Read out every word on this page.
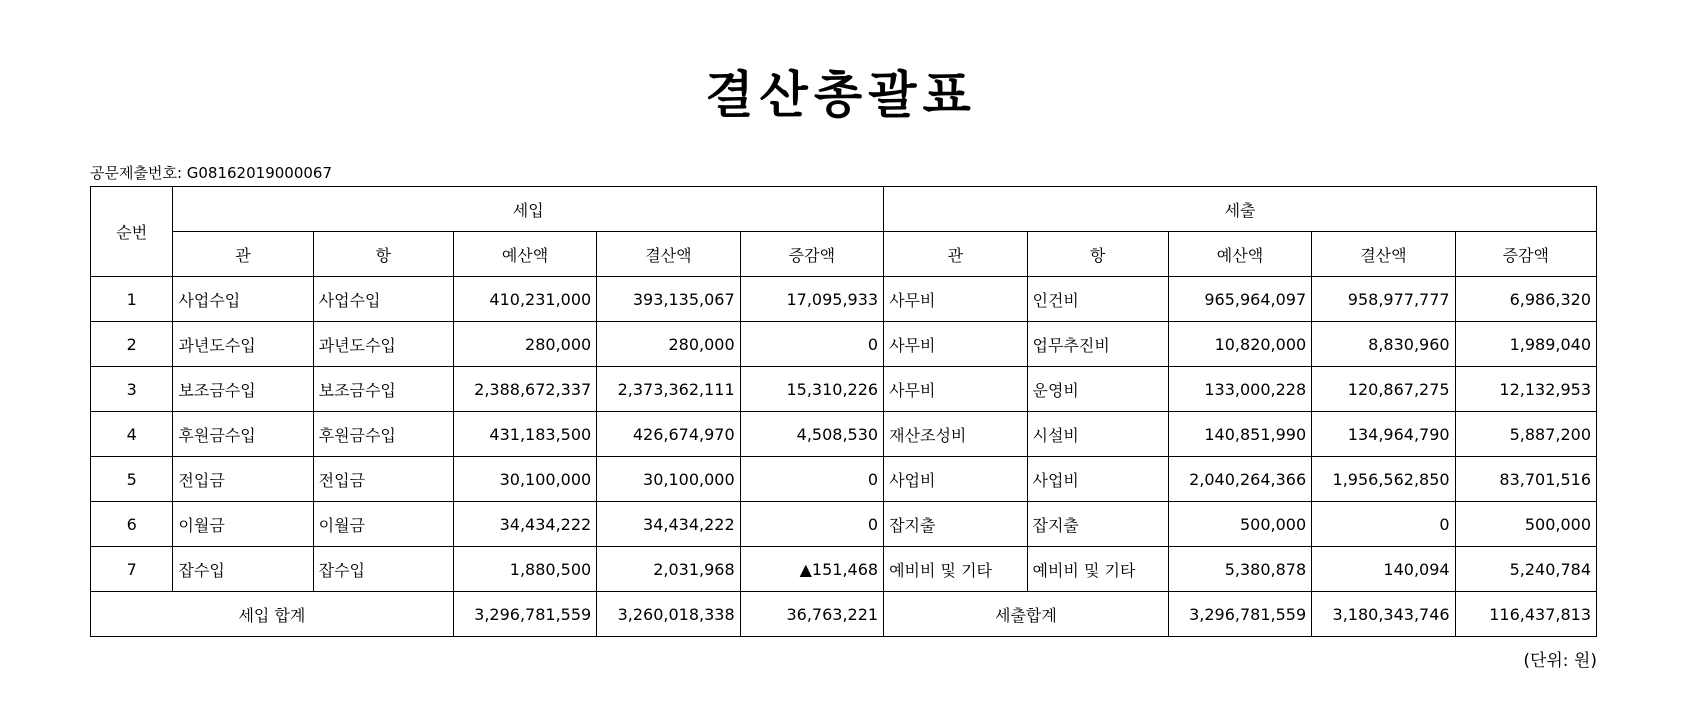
결산총괄표
공문제출번호: G08162019000067
순번	세입					세출				
	관	항	예산액	결산액	증감액	관	항	예산액	결산액	증감액
1	사업수입	사업수입	410,231,000	393,135,067	17,095,933	사무비	인건비	965,964,097	958,977,777	6,986,320
2	과년도수입	과년도수입	280,000	280,000	0	사무비	업무추진비	10,820,000	8,830,960	1,989,040
3	보조금수입	보조금수입	2,388,672,337	2,373,362,111	15,310,226	사무비	운영비	133,000,228	120,867,275	12,132,953
4	후원금수입	후원금수입	431,183,500	426,674,970	4,508,530	재산조성비	시설비	140,851,990	134,964,790	5,887,200
5	전입금	전입금	30,100,000	30,100,000	0	사업비	사업비	2,040,264,366	1,956,562,850	83,701,516
6	이월금	이월금	34,434,222	34,434,222	0	잡지출	잡지출	500,000	0	500,000
7	잡수입	잡수입	1,880,500	2,031,968	▲151,468	예비비 및 기타	예비비 및 기타	5,380,878	140,094	5,240,784
세입 합계			3,296,781,559	3,260,018,338	36,763,221	세출합계		3,296,781,559	3,180,343,746	116,437,813
(단위: 원)
